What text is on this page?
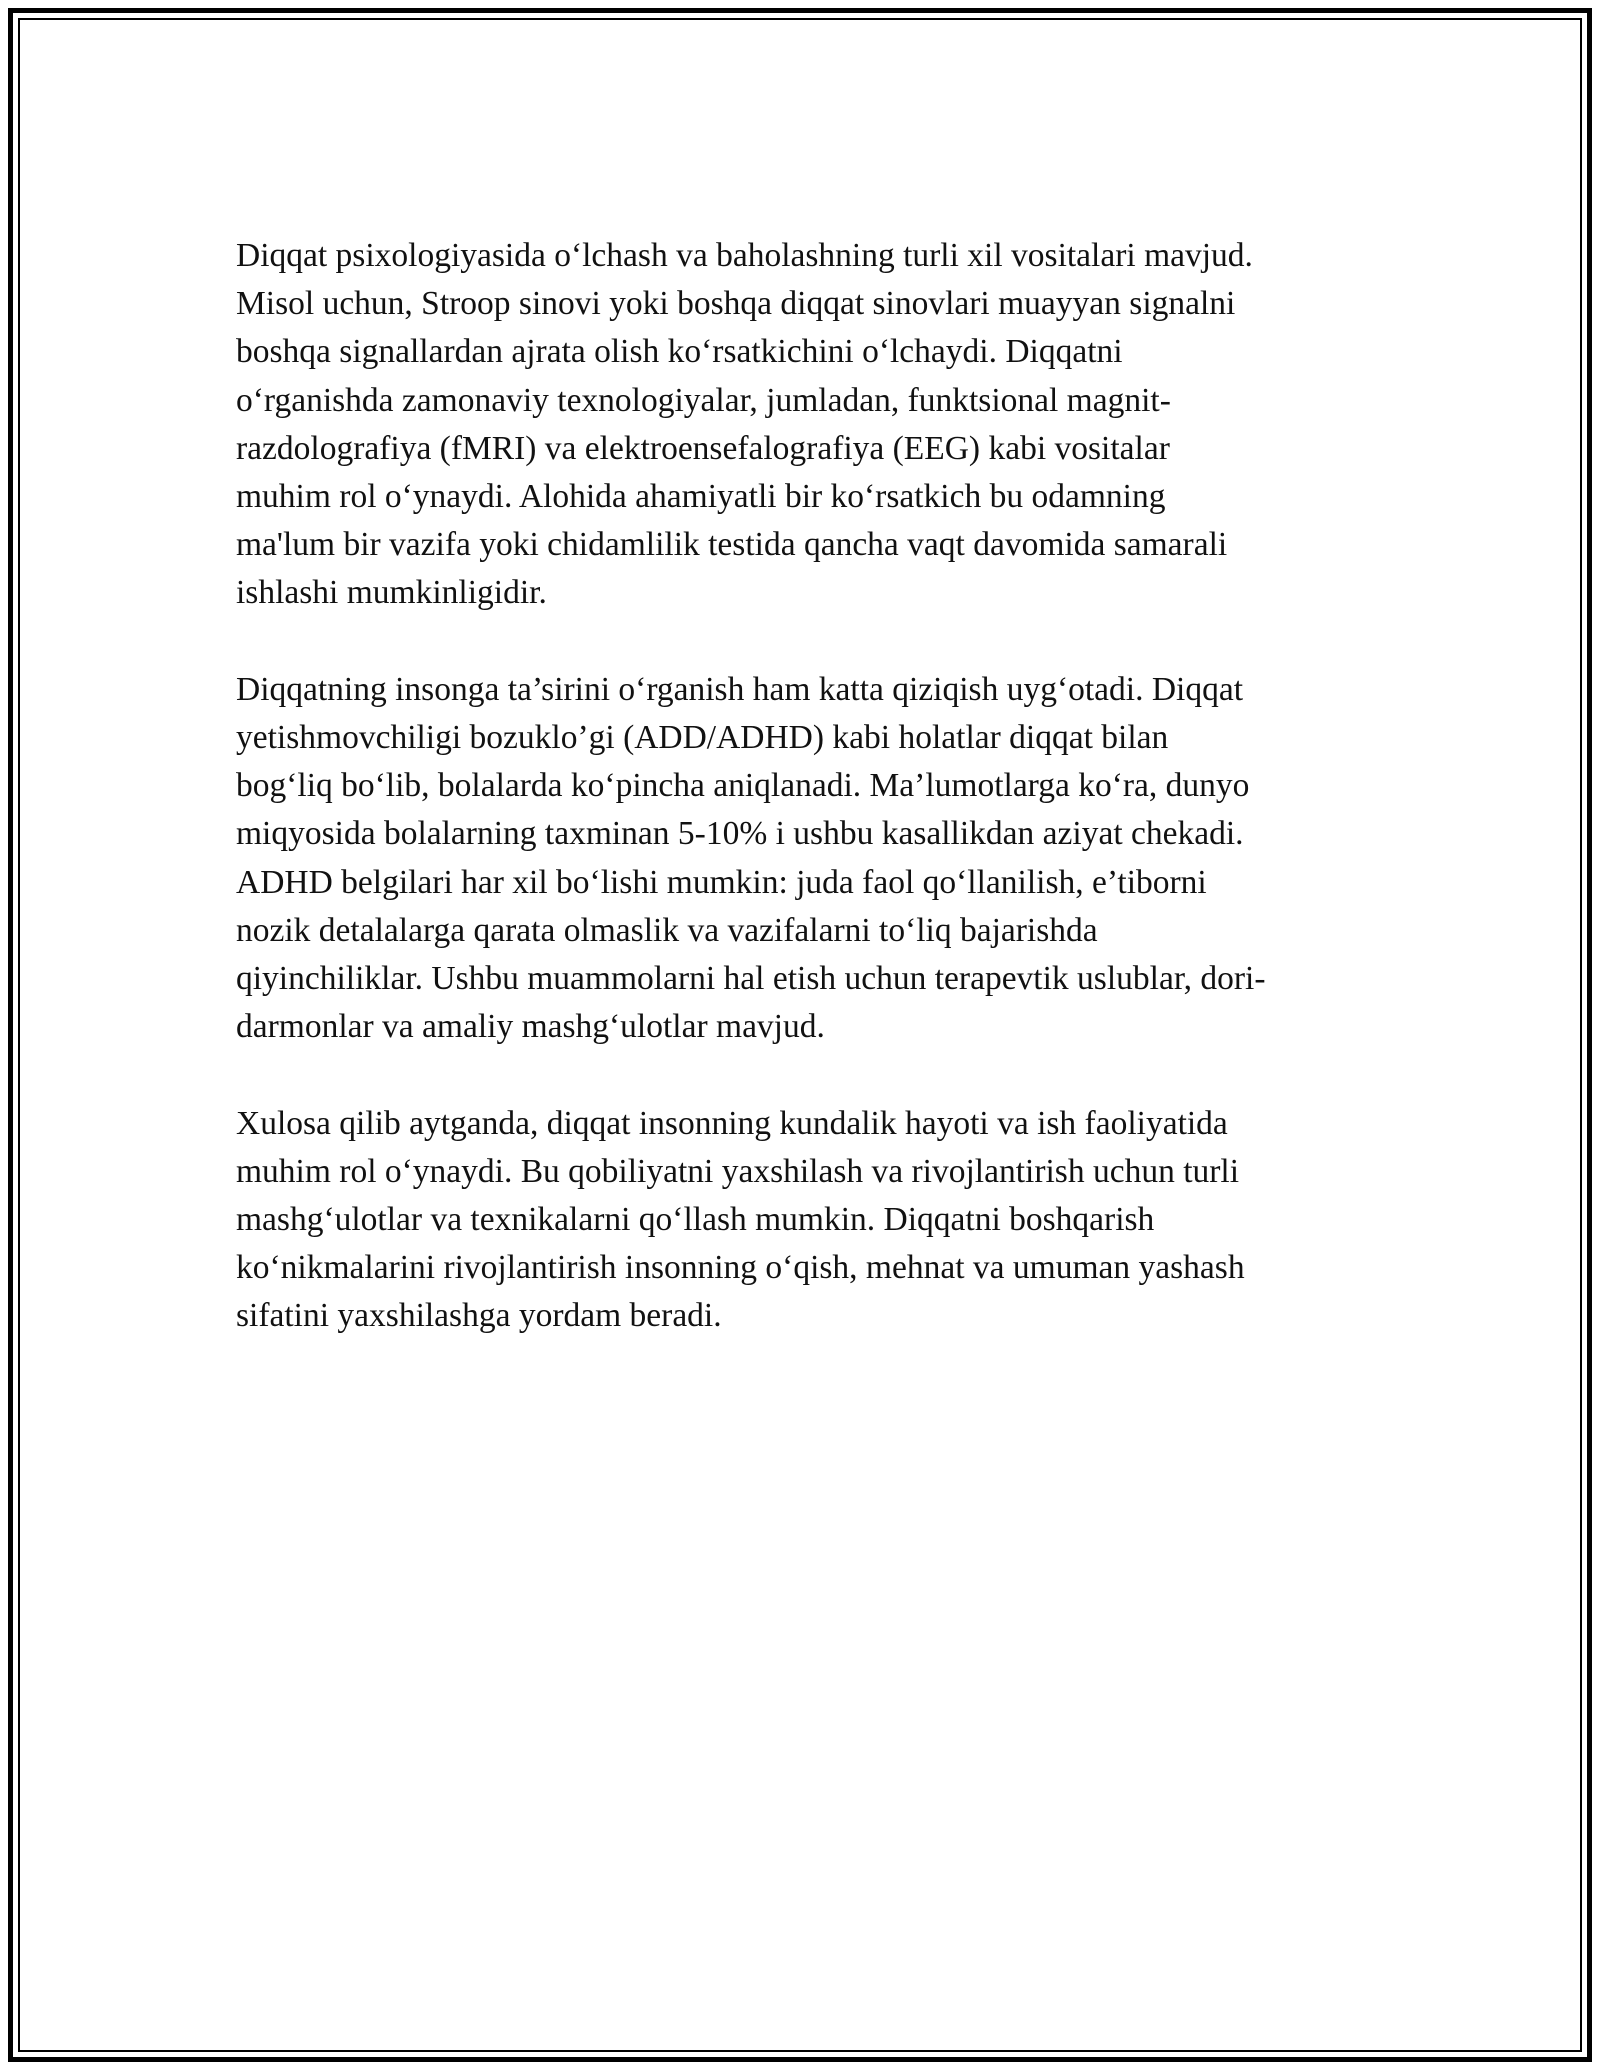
Diqqat psixologiyasida o‘lchash va baholashning turli xil vositalari mavjud.
Misol uchun, Stroop sinovi yoki boshqa diqqat sinovlari muayyan signalni
boshqa signallardan ajrata olish ko‘rsatkichini o‘lchaydi. Diqqatni
o‘rganishda zamonaviy texnologiyalar, jumladan, funktsional magnit-
razdolografiya (fMRI) va elektroensefalografiya (EEG) kabi vositalar
muhim rol o‘ynaydi. Alohida ahamiyatli bir ko‘rsatkich bu odamning
ma'lum bir vazifa yoki chidamlilik testida qancha vaqt davomida samarali
ishlashi mumkinligidir.

Diqqatning insonga ta’sirini o‘rganish ham katta qiziqish uyg‘otadi. Diqqat
yetishmovchiligi bozuklo’gi (ADD/ADHD) kabi holatlar diqqat bilan
bog‘liq bo‘lib, bolalarda ko‘pincha aniqlanadi. Ma’lumotlarga ko‘ra, dunyo
miqyosida bolalarning taxminan 5-10% i ushbu kasallikdan aziyat chekadi.
ADHD belgilari har xil bo‘lishi mumkin: juda faol qo‘llanilish, e’tiborni
nozik detalalarga qarata olmaslik va vazifalarni to‘liq bajarishda
qiyinchiliklar. Ushbu muammolarni hal etish uchun terapevtik uslublar, dori-
darmonlar va amaliy mashg‘ulotlar mavjud.

Xulosa qilib aytganda, diqqat insonning kundalik hayoti va ish faoliyatida
muhim rol o‘ynaydi. Bu qobiliyatni yaxshilash va rivojlantirish uchun turli
mashg‘ulotlar va texnikalarni qo‘llash mumkin. Diqqatni boshqarish
ko‘nikmalarini rivojlantirish insonning o‘qish, mehnat va umuman yashash
sifatini yaxshilashga yordam beradi.
